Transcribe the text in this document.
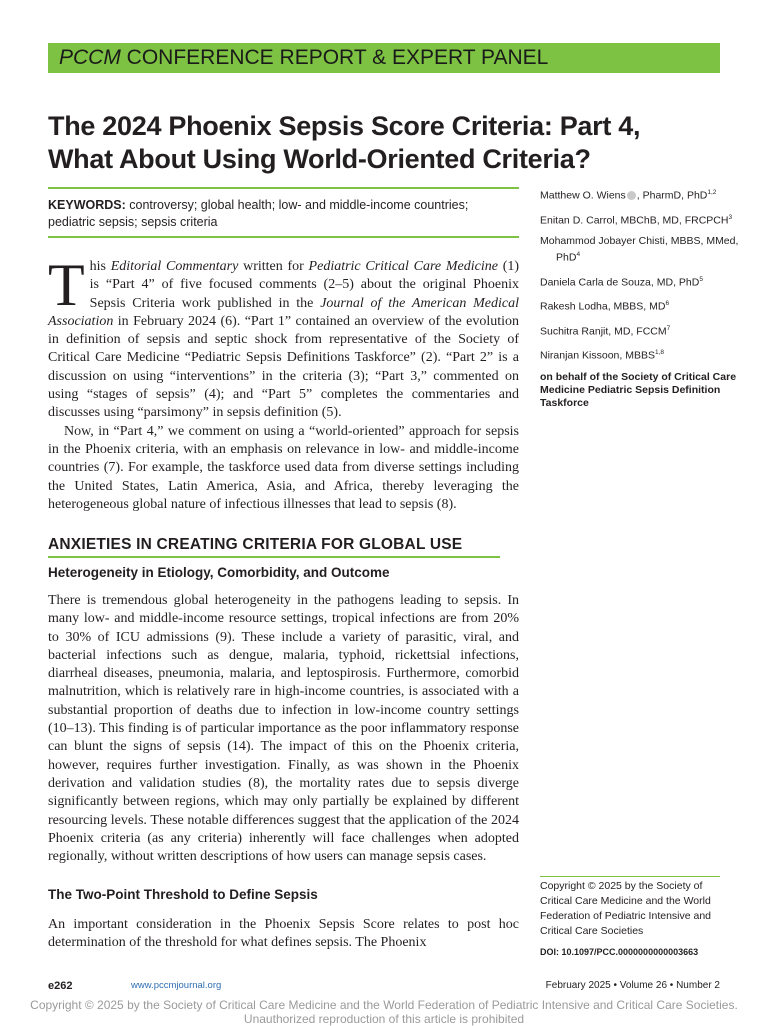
PCCM CONFERENCE REPORT & EXPERT PANEL
The 2024 Phoenix Sepsis Score Criteria: Part 4,
What About Using World-Oriented Criteria?
KEYWORDS: controversy; global health; low- and middle-income countries; pediatric sepsis; sepsis criteria
Matthew O. Wiens , PharmD, PhD$^{1,2}$
Enitan D. Carrol, MBChB, MD, FRCPCH$^3$
Mohammod Jobayer Chisti, MBBS, MMed, PhD$^4$
Daniela Carla de Souza, MD, PhD$^5$
Rakesh Lodha, MBBS, $MD^6$
Suchitra Ranjit, MD, FCCM$^7$
Niranjan Kissoon, MBBS$^{1,8}$
on behalf of the Society of Critical Care Medicine Pediatric Sepsis Definition Taskforce

This Editorial Commentary written for Pediatric Critical Care Medicine (1) is “Part 4” of five focused comments (2–5) about the original Phoenix Sepsis Criteria work published in the Journal of the American Medical Association in February 2024 (6). “Part 1” contained an overview of the evolution in definition of sepsis and septic shock from representative of the Society of Critical Care Medicine “Pediatric Sepsis Definitions Taskforce” (2). “Part 2” is a discussion on using “interventions” in the criteria (3); “Part 3,” commented on using “stages of sepsis” (4); and “Part 5” completes the commentaries and discusses using “parsimony” in sepsis definition (5).

Now, in “Part 4,” we comment on using a “world-oriented” approach for sepsis in the Phoenix criteria, with an emphasis on relevance in low- and middle-income countries (7). For example, the taskforce used data from diverse settings including the United States, Latin America, Asia, and Africa, thereby leveraging the heterogeneous global nature of infectious illnesses that lead to sepsis (8).

ANXIETIES IN CREATING CRITERIA FOR GLOBAL USE
Heterogeneity in Etiology, Comorbidity, and Outcome

There is tremendous global heterogeneity in the pathogens leading to sepsis. In many low- and middle-income resource settings, tropical infections are from 20% to 30% of ICU admissions (9). These include a variety of parasitic, viral, and bacterial infections such as dengue, malaria, typhoid, rickettsial infections, diarrheal diseases, pneumonia, malaria, and leptospirosis. Furthermore, comorbid malnutrition, which is relatively rare in high-income countries, is associated with a substantial proportion of deaths due to infection in low-income country settings (10–13). This finding is of particular importance as the poor inflammatory response can blunt the signs of sepsis (14). The impact of this on the Phoenix criteria, however, requires further investigation. Finally, as was shown in the Phoenix derivation and validation studies (8), the mortality rates due to sepsis diverge significantly between regions, which may only partially be explained by different resourcing levels. These notable differences suggest that the application of the 2024 Phoenix criteria (as any criteria) inherently will face challenges when adopted regionally, without written descriptions of how users can manage sepsis cases.

The Two-Point Threshold to Define Sepsis

An important consideration in the Phoenix Sepsis Score relates to post hoc determination of the threshold for what defines sepsis. The Phoenix

Copyright © 2025 by the Society of Critical Care Medicine and the World Federation of Pediatric Intensive and Critical Care Societies
DOI: 10.1097/PCC.0000000000003663
e262	www.pccmjournal.org	February 2025 • Volume 26 • Number 2
Copyright © 2025 by the Society of Critical Care Medicine and the World Federation of Pediatric Intensive and Critical Care Societies.
Unauthorized reproduction of this article is prohibited
